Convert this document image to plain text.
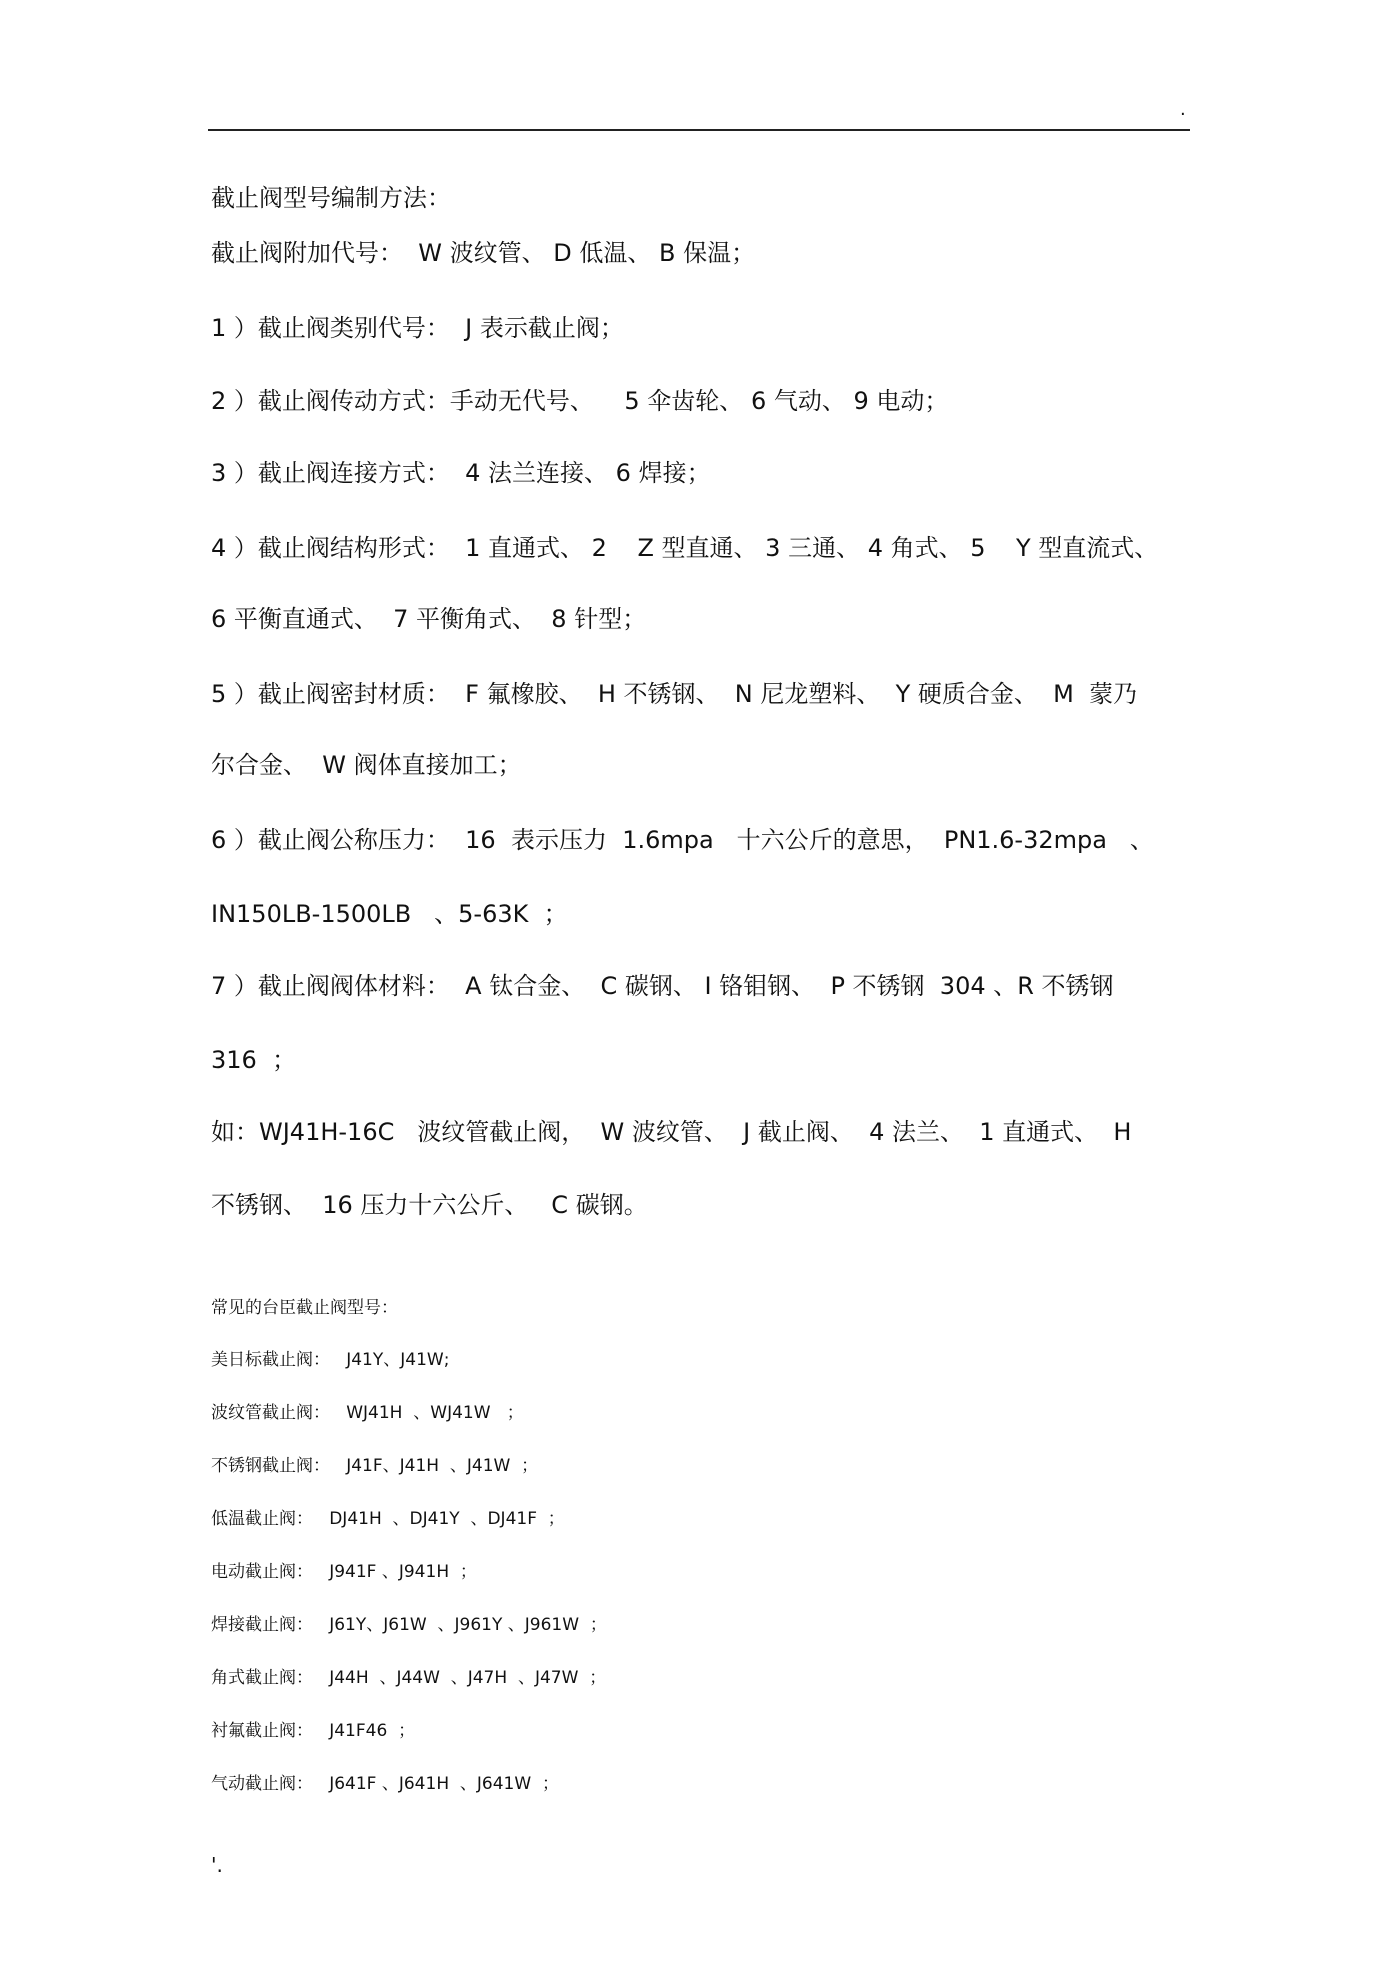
.
截止阀型号编制方法：
截止阀附加代号：  W 波纹管、 D 低温、 B 保温；
1 ）截止阀类别代号：  J 表示截止阀；
2 ）截止阀传动方式：手动无代号、    5 伞齿轮、 6 气动、 9 电动；
3 ）截止阀连接方式：  4 法兰连接、 6 焊接；
4 ）截止阀结构形式：  1 直通式、 2    Z 型直通、 3 三通、 4 角式、 5    Y 型直流式、
6 平衡直通式、  7 平衡角式、  8 针型；
5 ）截止阀密封材质：  F 氟橡胶、  H 不锈钢、  N 尼龙塑料、  Y 硬质合金、  M  蒙乃
尔合金、  W 阀体直接加工；
6 ）截止阀公称压力：  16  表示压力  1.6mpa   十六公斤的意思，  PN1.6-32mpa   、
IN150LB-1500LB   、5-63K  ；
7 ）截止阀阀体材料：  A 钛合金、  C 碳钢、 I 铬钼钢、  P 不锈钢  304 、R 不锈钢
316  ；
如：WJ41H-16C   波纹管截止阀，  W 波纹管、  J 截止阀、  4 法兰、  1 直通式、  H
不锈钢、  16 压力十六公斤、   C 碳钢。
常见的台臣截止阀型号：
美日标截止阀：   J41Y、J41W;
波纹管截止阀：   WJ41H  、WJ41W   ；
不锈钢截止阀：   J41F、J41H  、J41W  ；
低温截止阀：   DJ41H  、DJ41Y  、DJ41F  ；
电动截止阀：   J941F 、J941H  ；
焊接截止阀：   J61Y、J61W  、J961Y 、J961W  ；
角式截止阀：   J44H  、J44W  、J47H  、J47W  ；
衬氟截止阀：   J41F46  ；
气动截止阀：   J641F 、J641H  、J641W  ；
'.
